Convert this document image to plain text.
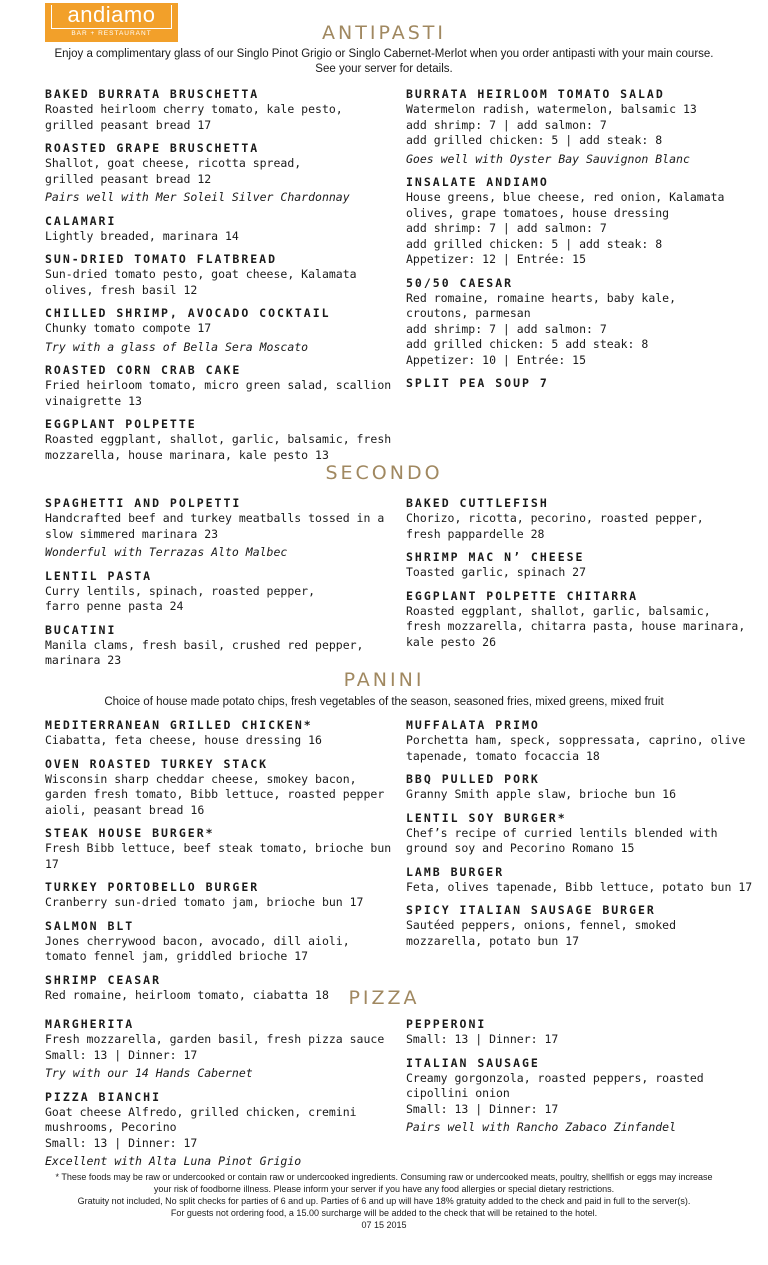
andiamo
BAR + RESTAURANT	ANTIPASTI
Enjoy a complimentary glass of our Singlo Pinot Grigio or Singlo Cabernet-Merlot when you order antipasti with your main course.
See your server for details.
BAKED BURRATA BRUSCHETTA
Roasted heirloom cherry tomato, kale pesto,
grilled peasant bread 17
ROASTED GRAPE BRUSCHETTA
Shallot, goat cheese, ricotta spread,
grilled peasant bread 12
Pairs well with Mer Soleil Silver Chardonnay
CALAMARI
Lightly breaded, marinara 14
SUN-DRIED TOMATO FLATBREAD
Sun-dried tomato pesto, goat cheese, Kalamata
olives, fresh basil 12
CHILLED SHRIMP, AVOCADO COCKTAIL
Chunky tomato compote 17
Try with a glass of Bella Sera Moscato
ROASTED CORN CRAB CAKE
Fried heirloom tomato, micro green salad, scallion
vinaigrette 13
EGGPLANT POLPETTE
Roasted eggplant, shallot, garlic, balsamic, fresh
mozzarella, house marinara, kale pesto 13
BURRATA HEIRLOOM TOMATO SALAD
Watermelon radish, watermelon, balsamic 13
add shrimp: 7 | add salmon: 7
add grilled chicken: 5 | add steak: 8
Goes well with Oyster Bay Sauvignon Blanc
INSALATE ANDIAMO
House greens, blue cheese, red onion, Kalamata
olives, grape tomatoes, house dressing
add shrimp: 7 | add salmon: 7
add grilled chicken: 5 | add steak: 8
Appetizer: 12 | Entrée: 15
50/50 CAESAR
Red romaine, romaine hearts, baby kale,
croutons, parmesan
add shrimp: 7 | add salmon: 7
add grilled chicken: 5 add steak: 8
Appetizer: 10 | Entrée: 15
SPLIT PEA SOUP 7
SECONDO
SPAGHETTI AND POLPETTI
Handcrafted beef and turkey meatballs tossed in a
slow simmered marinara 23
Wonderful with Terrazas Alto Malbec
LENTIL PASTA
Curry lentils, spinach, roasted pepper,
farro penne pasta 24
BUCATINI
Manila clams, fresh basil, crushed red pepper,
marinara 23
BAKED CUTTLEFISH
Chorizo, ricotta, pecorino, roasted pepper,
fresh pappardelle 28
SHRIMP MAC N’ CHEESE
Toasted garlic, spinach 27
EGGPLANT POLPETTE CHITARRA
Roasted eggplant, shallot, garlic, balsamic,
fresh mozzarella, chitarra pasta, house marinara,
kale pesto 26
PANINI
Choice of house made potato chips, fresh vegetables of the season, seasoned fries, mixed greens, mixed fruit
MEDITERRANEAN GRILLED CHICKEN*
Ciabatta, feta cheese, house dressing 16
OVEN ROASTED TURKEY STACK
Wisconsin sharp cheddar cheese, smokey bacon,
garden fresh tomato, Bibb lettuce, roasted pepper
aioli, peasant bread 16
STEAK HOUSE BURGER*
Fresh Bibb lettuce, beef steak tomato, brioche bun 17
TURKEY PORTOBELLO BURGER
Cranberry sun-dried tomato jam, brioche bun 17
SALMON BLT
Jones cherrywood bacon, avocado, dill aioli,
tomato fennel jam, griddled brioche 17
SHRIMP CEASAR
Red romaine, heirloom tomato, ciabatta 18
MUFFALATA PRIMO
Porchetta ham, speck, soppressata, caprino, olive
tapenade, tomato focaccia 18
BBQ PULLED PORK
Granny Smith apple slaw, brioche bun 16
LENTIL SOY BURGER*
Chef’s recipe of curried lentils blended with
ground soy and Pecorino Romano 15
LAMB BURGER
Feta, olives tapenade, Bibb lettuce, potato bun 17
SPICY ITALIAN SAUSAGE BURGER
Sautéed peppers, onions, fennel, smoked
mozzarella, potato bun 17
PIZZA
MARGHERITA
Fresh mozzarella, garden basil, fresh pizza sauce
Small: 13 | Dinner: 17
Try with our 14 Hands Cabernet
PIZZA BIANCHI
Goat cheese Alfredo, grilled chicken, cremini
mushrooms, Pecorino
Small: 13 | Dinner: 17
Excellent with Alta Luna Pinot Grigio
PEPPERONI
Small: 13 | Dinner: 17
ITALIAN SAUSAGE
Creamy gorgonzola, roasted peppers, roasted
cipollini onion
Small: 13 | Dinner: 17
Pairs well with Rancho Zabaco Zinfandel
* These foods may be raw or undercooked or contain raw or undercooked ingredients. Consuming raw or undercooked meats, poultry, shellfish or eggs may increase
your risk of foodborne illness. Please inform your server if you have any food allergies or special dietary restrictions.
Gratuity not included, No split checks for parties of 6 and up. Parties of 6 and up will have 18% gratuity added to the check and paid in full to the server(s).
For guests not ordering food, a 15.00 surcharge will be added to the check that will be retained to the hotel.
07 15 2015
